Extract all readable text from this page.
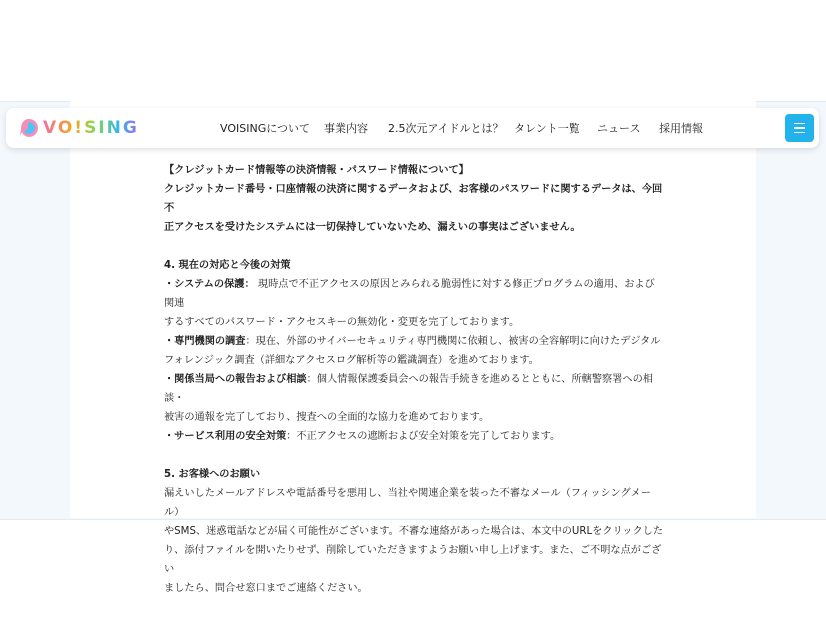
VO!SING	VOISINGについて 事業内容 2.5次元アイドルとは？ タレント一覧 ニュース 採用情報

【クレジットカード情報等の決済情報・パスワード情報について】

クレジットカード番号・口座情報の決済に関するデータおよび、お客様のパスワードに関するデータは、今回不

正アクセスを受けたシステムには一切保持していないため、漏えいの事実はございません。

4. 現在の対応と今後の対策

・システムの保護： 現時点で不正アクセスの原因とみられる脆弱性に対する修正プログラムの適用、および関連

するすべてのパスワード・アクセスキーの無効化・変更を完了しております。

・専門機関の調査：現在、外部のサイバーセキュリティ専門機関に依頼し、被害の全容解明に向けたデジタル

フォレンジック調査（詳細なアクセスログ解析等の鑑識調査）を進めております。

・関係当局への報告および相談：個人情報保護委員会への報告手続きを進めるとともに、所轄警察署への相談・

被害の通報を完了しており、捜査への全面的な協力を進めております。

・サービス利用の安全対策：不正アクセスの遮断および安全対策を完了しております。

5. お客様へのお願い

漏えいしたメールアドレスや電話番号を悪用し、当社や関連企業を装った不審なメール（フィッシングメール）

やSMS、迷惑電話などが届く可能性がございます。不審な連絡があった場合は、本文中のURLをクリックした

り、添付ファイルを開いたりせず、削除していただきますようお願い申し上げます。また、ご不明な点がござい

ましたら、問合せ窓口までご連絡ください。
